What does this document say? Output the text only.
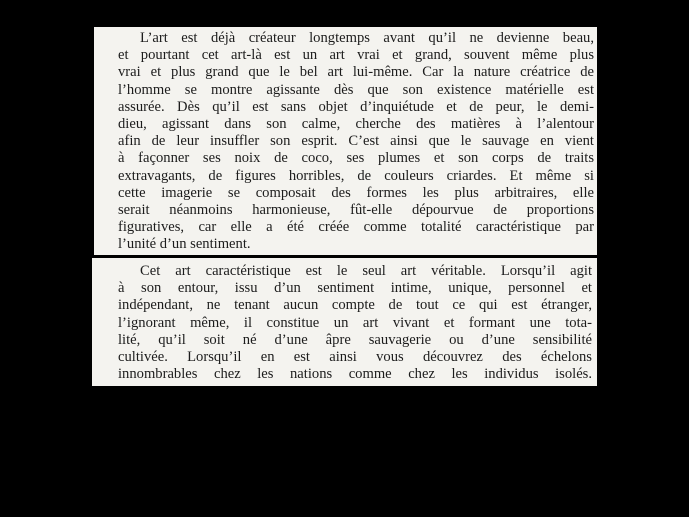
L’art est déjà créateur longtemps avant qu’il ne devienne beau,
et pourtant cet art-là est un art vrai et grand, souvent même plus
vrai et plus grand que le bel art lui-même. Car la nature créatrice de
l’homme se montre agissante dès que son existence matérielle est
assurée. Dès qu’il est sans objet d’inquiétude et de peur, le demi-
dieu, agissant dans son calme, cherche des matières à l’alentour
afin de leur insuffler son esprit. C’est ainsi que le sauvage en vient
à façonner ses noix de coco, ses plumes et son corps de traits
extravagants, de figures horribles, de couleurs criardes. Et même si
cette imagerie se composait des formes les plus arbitraires, elle
serait néanmoins harmonieuse, fût-elle dépourvue de proportions
figuratives, car elle a été créée comme totalité caractéristique par
l’unité d’un sentiment.
Cet art caractéristique est le seul art véritable. Lorsqu’il agit
à son entour, issu d’un sentiment intime, unique, personnel et
indépendant, ne tenant aucun compte de tout ce qui est étranger,
l’ignorant même, il constitue un art vivant et formant une tota-
lité, qu’il soit né d’une âpre sauvagerie ou d’une sensibilité
cultivée. Lorsqu’il en est ainsi vous découvrez des échelons
innombrables chez les nations comme chez les individus isolés.
